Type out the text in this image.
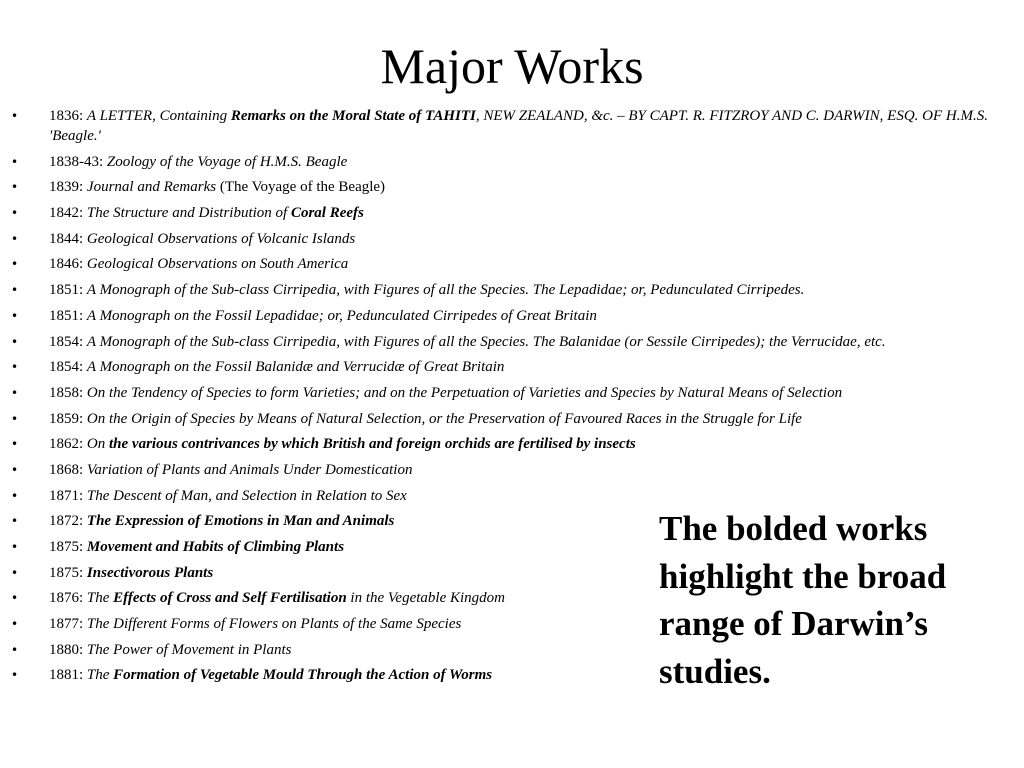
Major Works
• 1836: A LETTER, Containing Remarks on the Moral State of TAHITI, NEW ZEALAND, &c. – BY CAPT. R. FITZROY AND C. DARWIN, ESQ. OF H.M.S. 'Beagle.'
• 1838-43: Zoology of the Voyage of H.M.S. Beagle
• 1839: Journal and Remarks (The Voyage of the Beagle)
• 1842: The Structure and Distribution of Coral Reefs
• 1844: Geological Observations of Volcanic Islands
• 1846: Geological Observations on South America
• 1851: A Monograph of the Sub-class Cirripedia, with Figures of all the Species. The Lepadidae; or, Pedunculated Cirripedes.
• 1851: A Monograph on the Fossil Lepadidae; or, Pedunculated Cirripedes of Great Britain
• 1854: A Monograph of the Sub-class Cirripedia, with Figures of all the Species. The Balanidae (or Sessile Cirripedes); the Verrucidae, etc.
• 1854: A Monograph on the Fossil Balanidæ and Verrucidæ of Great Britain
• 1858: On the Tendency of Species to form Varieties; and on the Perpetuation of Varieties and Species by Natural Means of Selection
• 1859: On the Origin of Species by Means of Natural Selection, or the Preservation of Favoured Races in the Struggle for Life
• 1862: On the various contrivances by which British and foreign orchids are fertilised by insects
• 1868: Variation of Plants and Animals Under Domestication
• 1871: The Descent of Man, and Selection in Relation to Sex
• 1872: The Expression of Emotions in Man and Animals
• 1875: Movement and Habits of Climbing Plants
• 1875: Insectivorous Plants
• 1876: The Effects of Cross and Self Fertilisation in the Vegetable Kingdom
• 1877: The Different Forms of Flowers on Plants of the Same Species
• 1880: The Power of Movement in Plants
• 1881: The Formation of Vegetable Mould Through the Action of Worms

The bolded works highlight the broad range of Darwin’s studies.
